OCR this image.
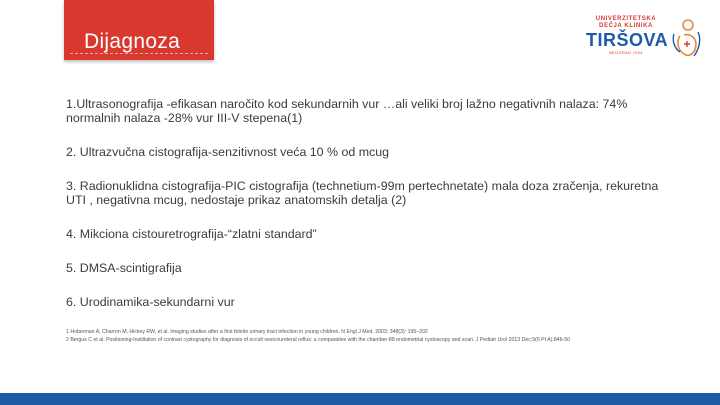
Dijagnoza
UNIVERZITETSKA
DEČJA KLINIKA
TIRŠOVA
BEOGRAD 1924

1.Ultrasonografija -efikasan naročito kod sekundarnih vur …ali veliki broj lažno negativnih nalaza: 74% normalnih nalaza -28% vur III-V stepena(1)

2. Ultrazvučna cistografija-senzitivnost veća 10 % od mcug

3. Radionuklidna cistografija-PIC cistografija (technetium-99m pertechnetate) mala doza zračenja, rekuretna UTI , negativna mcug, nedostaje prikaz anatomskih detalja (2)

4. Mikciona cistouretrografija-“zlatni standard”

5. DMSA-scintigrafija

6. Urodinamika-sekundarni vur

1 Hoberman A, Charron M, Hickey RW, et al. Imaging studies after a first febrile urinary tract infection in young children. N Engl J Med. 2003; 348(3): 195–202
2 Bergus C et al. Positioning-Instillation of contrast cystography for diagnosis of occult vesicoureteral reflux: a comparative with the chamber-88 endometrial cystoscopy and scan. J Pediatr Urol 2013 Dec;9(6 Pt A):846-50
